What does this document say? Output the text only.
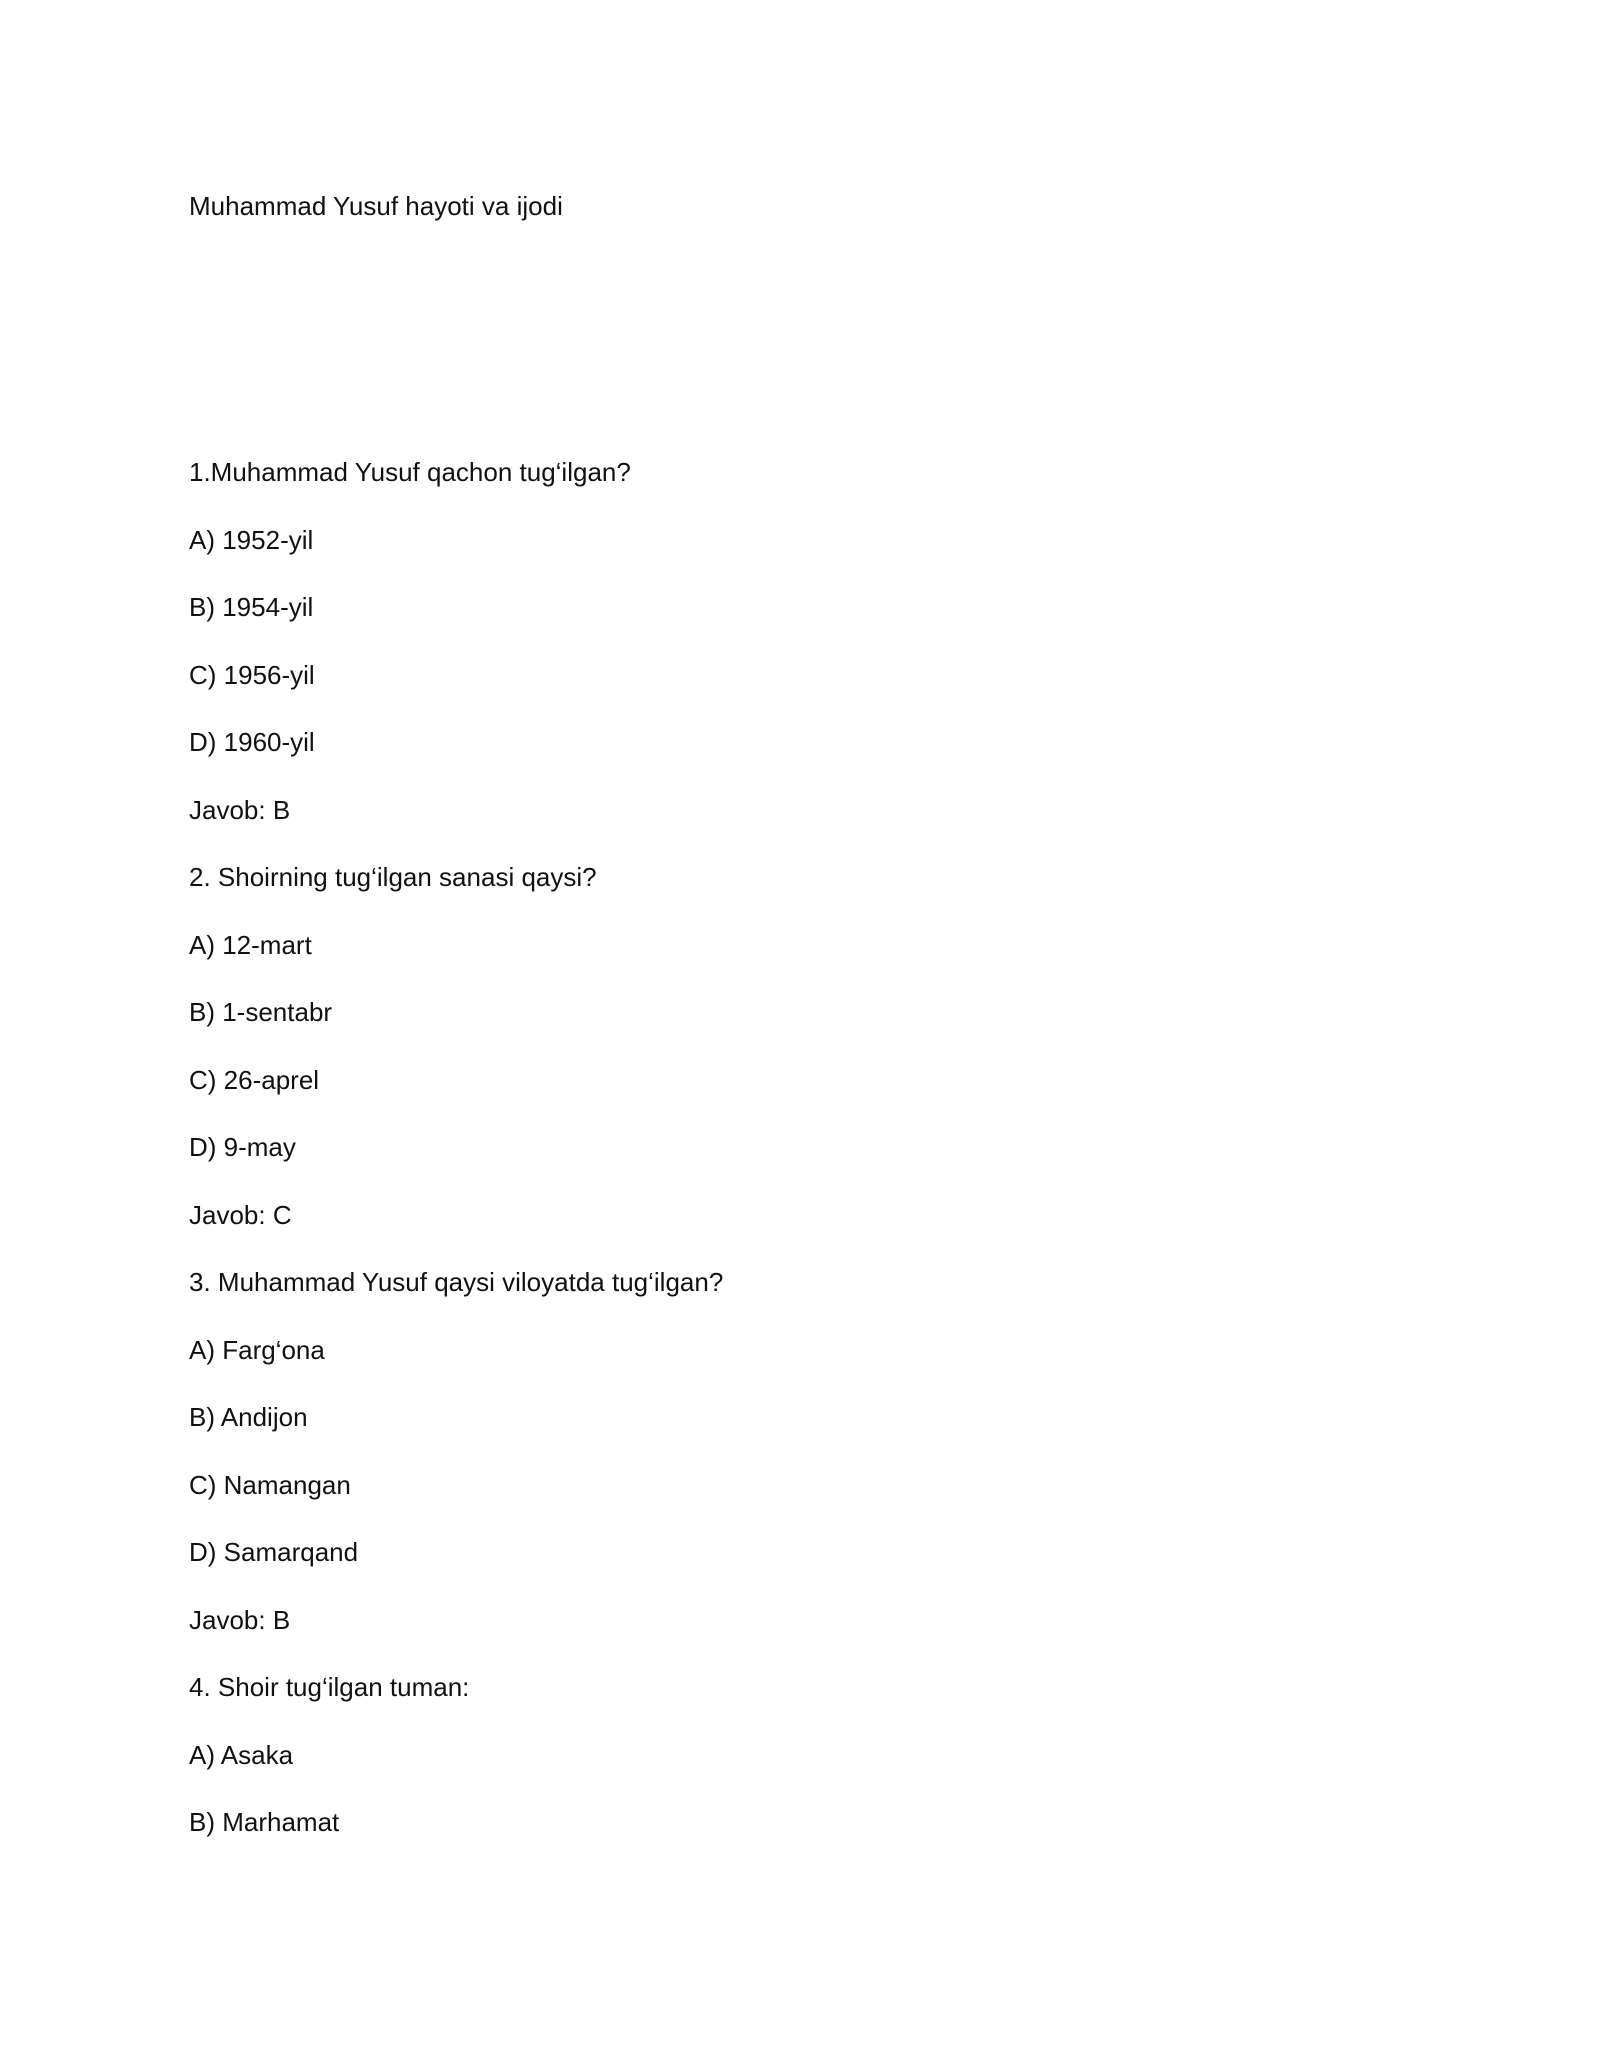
Muhammad Yusuf hayoti va ijodi

1.Muhammad Yusuf qachon tug‘ilgan?

A) 1952-yil

B) 1954-yil

C) 1956-yil

D) 1960-yil

Javob: B

2. Shoirning tug‘ilgan sanasi qaysi?

A) 12-mart

B) 1-sentabr

C) 26-aprel

D) 9-may

Javob: C

3. Muhammad Yusuf qaysi viloyatda tug‘ilgan?

A) Farg‘ona

B) Andijon

C) Namangan

D) Samarqand

Javob: B

4. Shoir tug‘ilgan tuman:

A) Asaka

B) Marhamat
